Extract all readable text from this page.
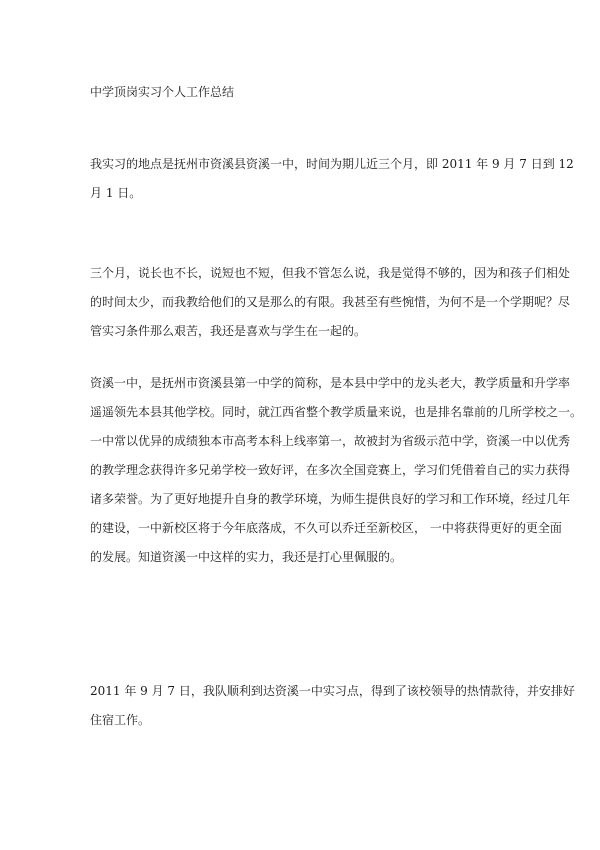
中学顶岗实习个人工作总结

我实习的地点是抚州市资溪县资溪一中，时间为期儿近三个月，即 2011 年 9 月 7 日到 12
月 1 日。

三个月，说长也不长，说短也不短，但我不管怎么说，我是觉得不够的，因为和孩子们相处
的时间太少，而我教给他们的又是那么的有限。我甚至有些惋惜，为何不是一个学期呢？尽
管实习条件那么艰苦，我还是喜欢与学生在一起的。

资溪一中，是抚州市资溪县第一中学的简称，是本县中学中的龙头老大，教学质量和升学率
遥遥领先本县其他学校。同时，就江西省整个教学质量来说，也是排名靠前的几所学校之一。
一中常以优异的成绩独本市高考本科上线率第一，故被封为省级示范中学，资溪一中以优秀
的教学理念获得许多兄弟学校一致好评，在多次全国竞赛上，学习们凭借着自己的实力获得
诸多荣誉。为了更好地提升自身的教学环境，为师生提供良好的学习和工作环境，经过几年
的建设，一中新校区将于今年底落成，不久可以乔迁至新校区， 一中将获得更好的更全面
的发展。知道资溪一中这样的实力，我还是打心里佩服的。

2011 年 9 月 7 日，我队顺利到达资溪一中实习点，得到了该校领导的热情款待，并安排好
住宿工作。
